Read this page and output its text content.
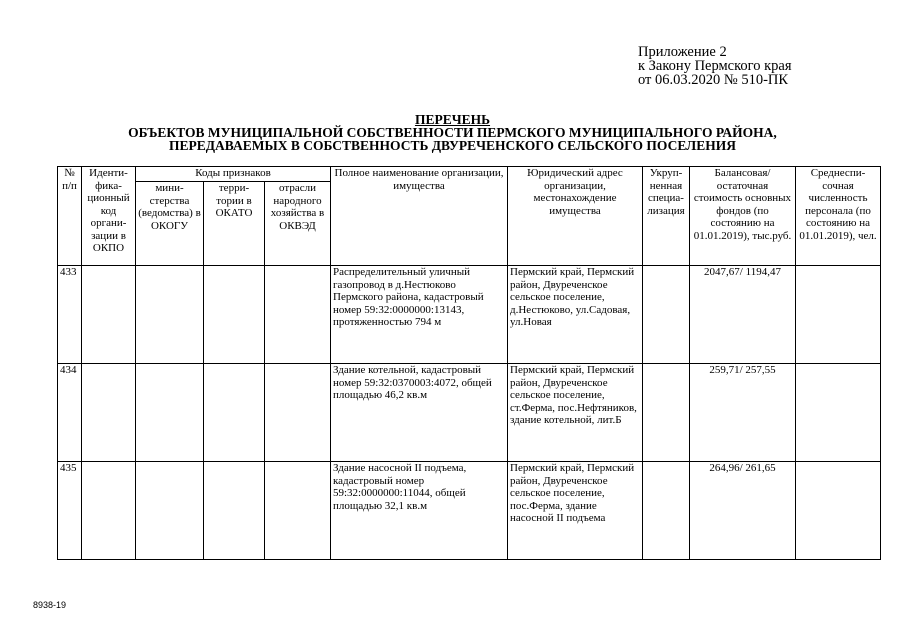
Приложение 2
к Закону Пермского края
от 06.03.2020 № 510-ПК
ПЕРЕЧЕНЬ
ОБЪЕКТОВ МУНИЦИПАЛЬНОЙ СОБСТВЕННОСТИ ПЕРМСКОГО МУНИЦИПАЛЬНОГО РАЙОНА,
ПЕРЕДАВАЕМЫХ В СОБСТВЕННОСТЬ ДВУРЕЧЕНСКОГО СЕЛЬСКОГО ПОСЕЛЕНИЯ
№ п/п	Иденти-фика-ционный код органи-зации в ОКПО	Коды признаков			Полное наименование организации, имущества	Юридический адрес организации, местонахождение имущества	Укруп-ненная специа-лизация	Балансовая/ остаточная стоимость основных фондов (по состоянию на 01.01.2019), тыс.руб.	Среднеспи-сочная численность персонала (по состоянию на 01.01.2019), чел.
		мини-стерства (ведомства) в ОКОГУ	терри-тории в ОКАТО	отрасли народного хозяйства в ОКВЭД					
433					Распределительный уличный газопровод в д.Нестюково Пермского района, кадастровый номер 59:32:0000000:13143, протяженностью 794 м	Пермский край, Пермский район, Двуреченское сельское поселение, д.Нестюково, ул.Садовая, ул.Новая		2047,67/ 1194,47	
434					Здание котельной, кадастровый номер 59:32:0370003:4072, общей площадью 46,2 кв.м	Пермский край, Пермский район, Двуреченское сельское поселение, ст.Ферма, пос.Нефтяников, здание котельной, лит.Б		259,71/ 257,55	
435					Здание насосной II подъема, кадастровый номер 59:32:0000000:11044, общей площадью 32,1 кв.м	Пермский край, Пермский район, Двуреченское сельское поселение, пос.Ферма, здание насосной II подъема		264,96/ 261,65	
8938-19
